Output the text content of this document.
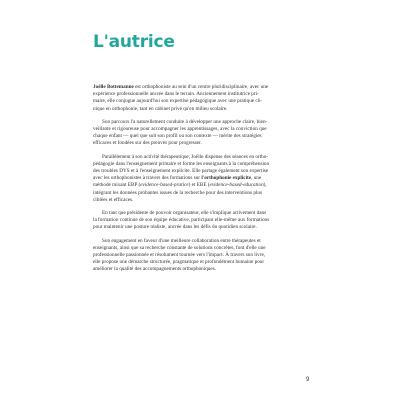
L'autrice

Joëlle Bottemanne est orthophoniste au sein d'un centre pluridisciplinaire, avec une
expérience professionnelle ancrée dans le terrain. Anciennement institutrice pri-
maire, elle conjugue aujourd'hui son expertise pédagogique avec une pratique cli-
nique en orthophonie, tant en cabinet privé qu'en milieu scolaire.

Son parcours l'a naturellement conduite à développer une approche claire, bien-
veillante et rigoureuse pour accompagner les apprentissages, avec la conviction que
chaque enfant — quel que soit son profil ou son contexte — mérite des stratégies
efficaces et fondées sur des preuves pour progresser.

Parallèlement à son activité thérapeutique, Joëlle dispense des séances en ortho-
pédagogie dans l'enseignement primaire et forme les enseignants à la compréhension
des troubles DYS et à l'enseignement explicite. Elle partage également son expertise
avec les orthophonistes à travers des formations sur l'orthophonie explicite, une
méthode mixant EBP (evidence-based-pratice) et EBE (evidence-based-education),
intégrant les données probantes issues de la recherche pour des interventions plus
ciblées et efficaces.

En tant que présidente de pouvoir organisateur, elle s'implique activement dans
la formation continue de son équipe éducative, participant elle-même aux formations
pour maintenir une posture réaliste, ancrée dans les défis du quotidien scolaire.

Son engagement en faveur d'une meilleure collaboration entre thérapeutes et
enseignants, ainsi que sa recherche constante de solutions concrètes, font d'elle une
professionnelle passionnée et résolument tournée vers l'impact. À travers son livre,
elle propose une démarche structurée, pragmatique et profondément humaine pour
améliorer la qualité des accompagnements orthophoniques.

9
